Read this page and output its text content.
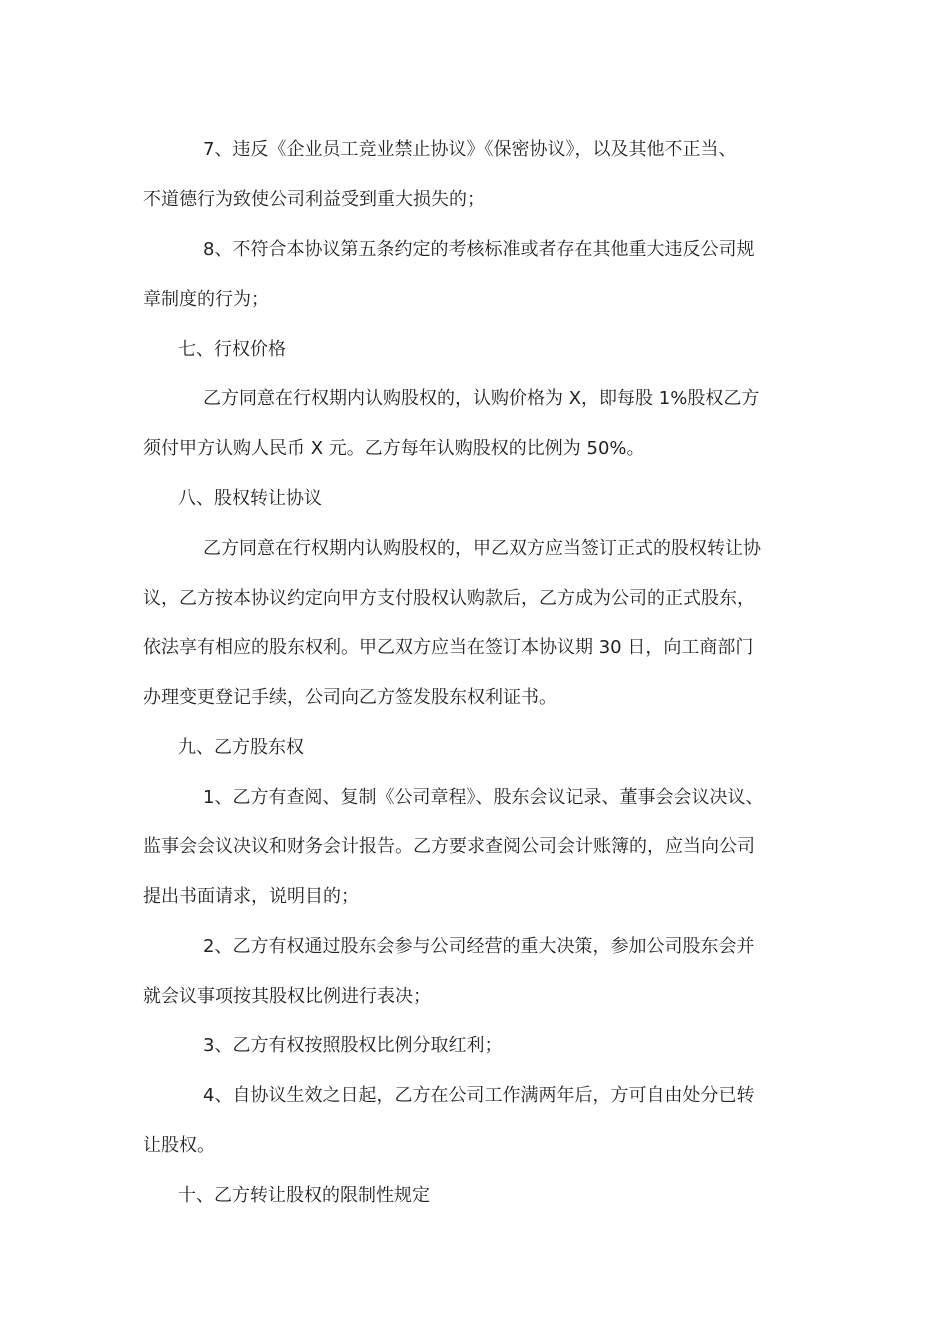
7、违反《企业员工竞业禁止协议》《保密协议》，以及其他不正当、
不道德行为致使公司利益受到重大损失的；
8、不符合本协议第五条约定的考核标准或者存在其他重大违反公司规
章制度的行为；
七、行权价格
乙方同意在行权期内认购股权的，认购价格为 X，即每股 1%股权乙方
须付甲方认购人民币 X 元。乙方每年认购股权的比例为 50%。
八、股权转让协议
乙方同意在行权期内认购股权的，甲乙双方应当签订正式的股权转让协
议，乙方按本协议约定向甲方支付股权认购款后，乙方成为公司的正式股东，
依法享有相应的股东权利。甲乙双方应当在签订本协议期 30 日，向工商部门
办理变更登记手续，公司向乙方签发股东权利证书。
九、乙方股东权
1、乙方有查阅、复制《公司章程》、股东会议记录、董事会会议决议、
监事会会议决议和财务会计报告。乙方要求查阅公司会计账簿的，应当向公司
提出书面请求，说明目的；
2、乙方有权通过股东会参与公司经营的重大决策，参加公司股东会并
就会议事项按其股权比例进行表决；
3、乙方有权按照股权比例分取红利；
4、自协议生效之日起，乙方在公司工作满两年后，方可自由处分已转
让股权。
十、乙方转让股权的限制性规定
